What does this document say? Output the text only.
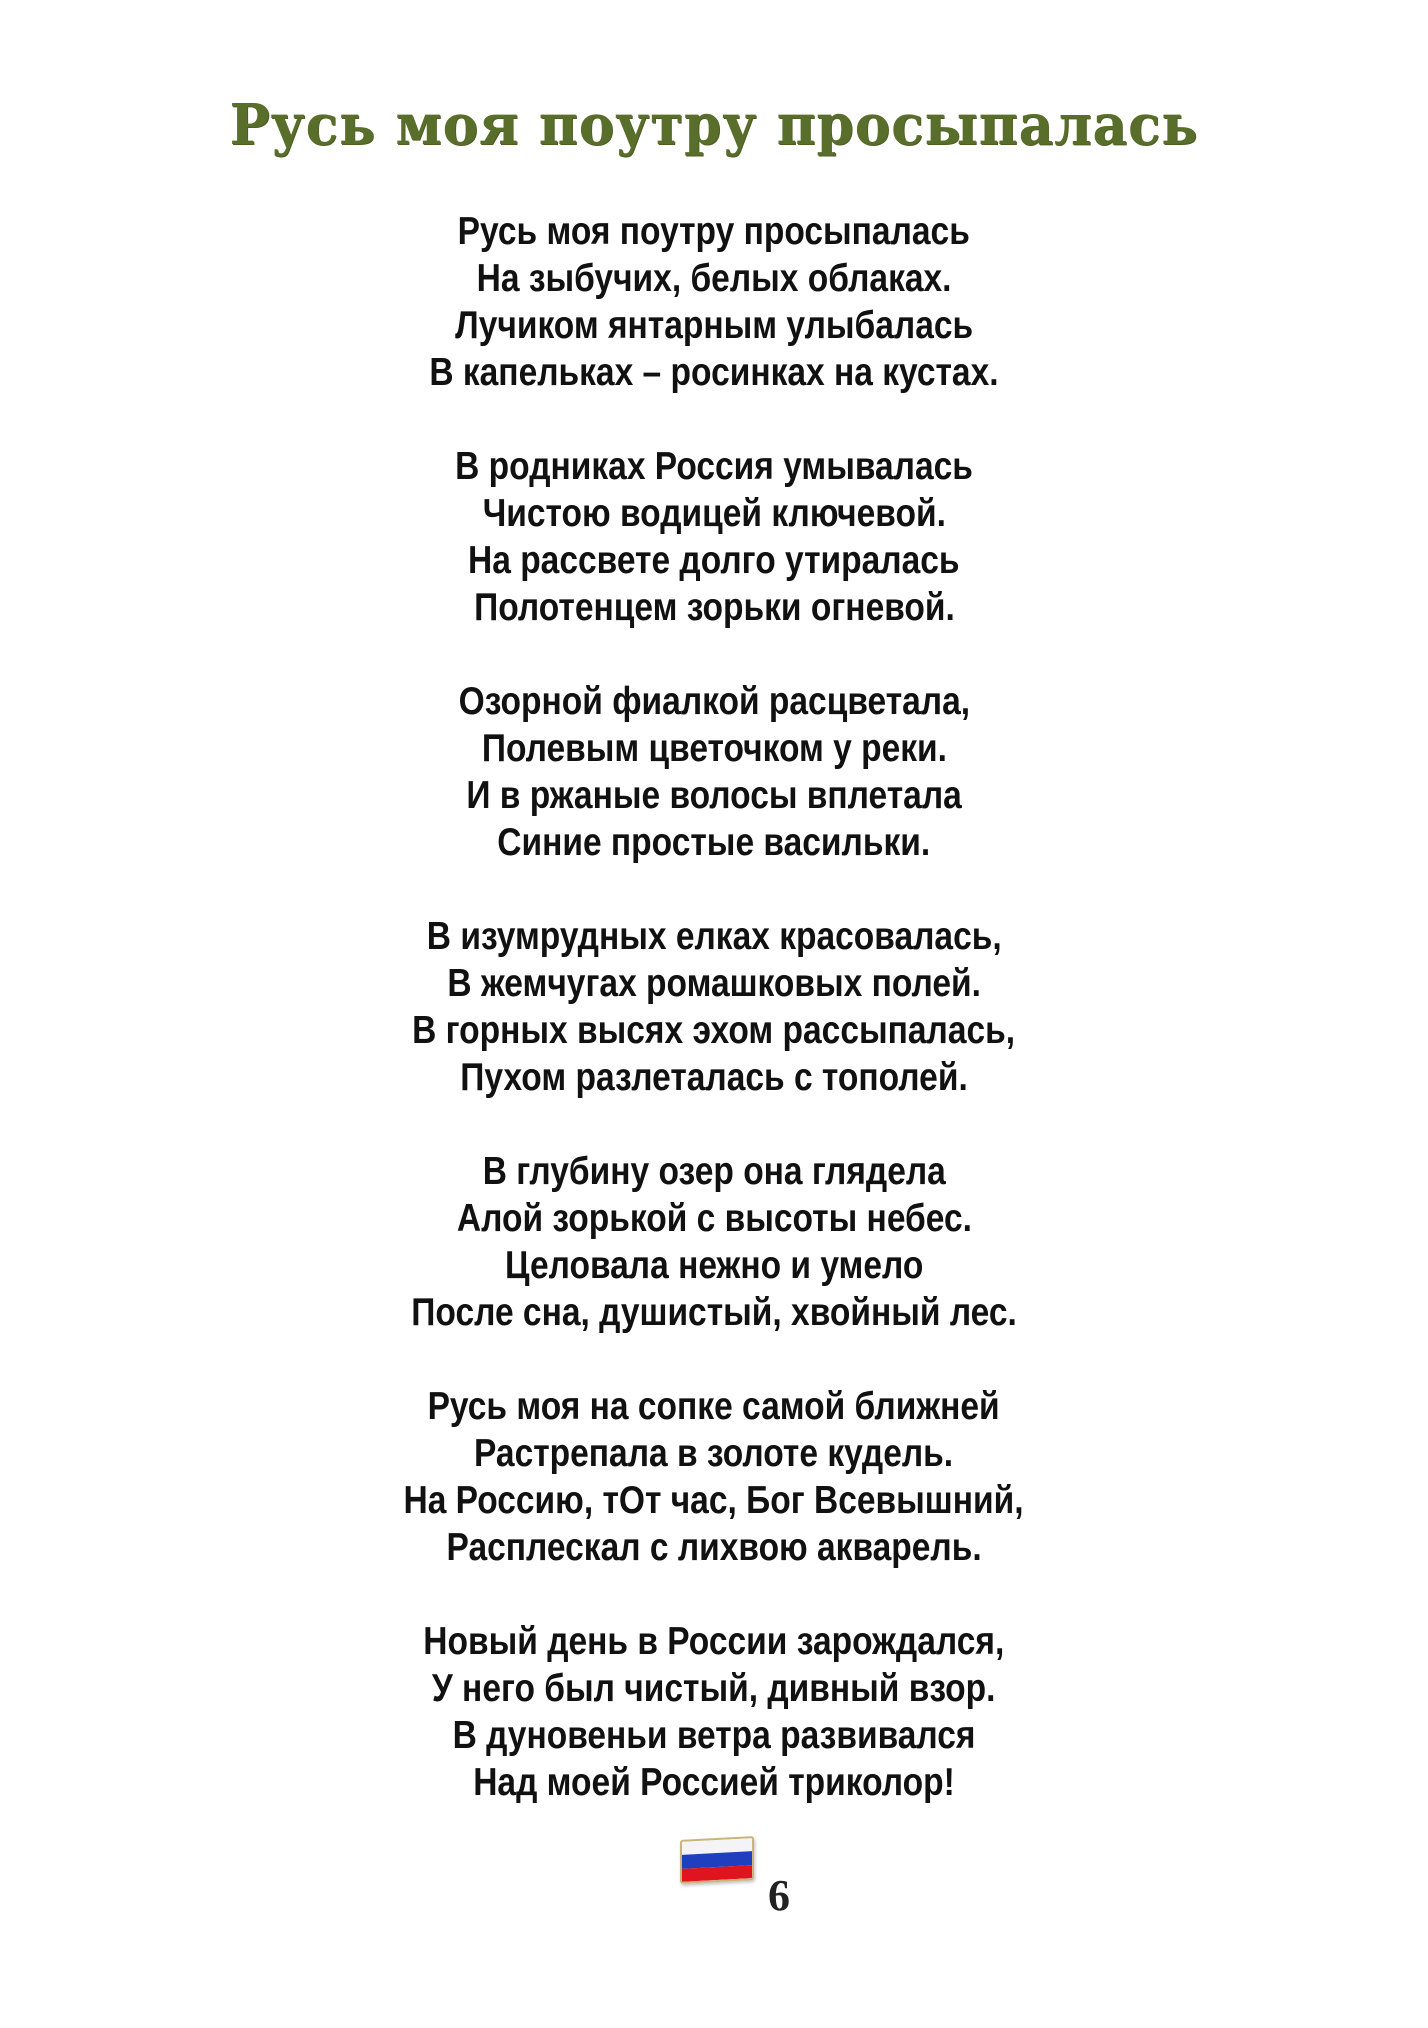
Русь моя поутру просыпалась
Русь моя поутру просыпалась
На зыбучих, белых облаках.
Лучиком янтарным улыбалась
В капельках – росинках на кустах.
В родниках Россия умывалась
Чистою водицей ключевой.
На рассвете долго утиралась
Полотенцем зорьки огневой.
Озорной фиалкой расцветала,
Полевым цветочком у реки.
И в ржаные волосы вплетала
Синие простые васильки.
В изумрудных елках красовалась,
В жемчугах ромашковых полей.
В горных высях эхом рассыпалась,
Пухом разлеталась с тополей.
В глубину озер она глядела
Алой зорькой с высоты небес.
Целовала нежно и умело
После сна, душистый, хвойный лес.
Русь моя на сопке самой ближней
Растрепала в золоте кудель.
На Россию, тОт час, Бог Всевышний,
Расплескал с лихвою акварель.
Новый день в России зарождался,
У него был чистый, дивный взор.
В дуновеньи ветра развивался
Над моей Россией триколор!
6
